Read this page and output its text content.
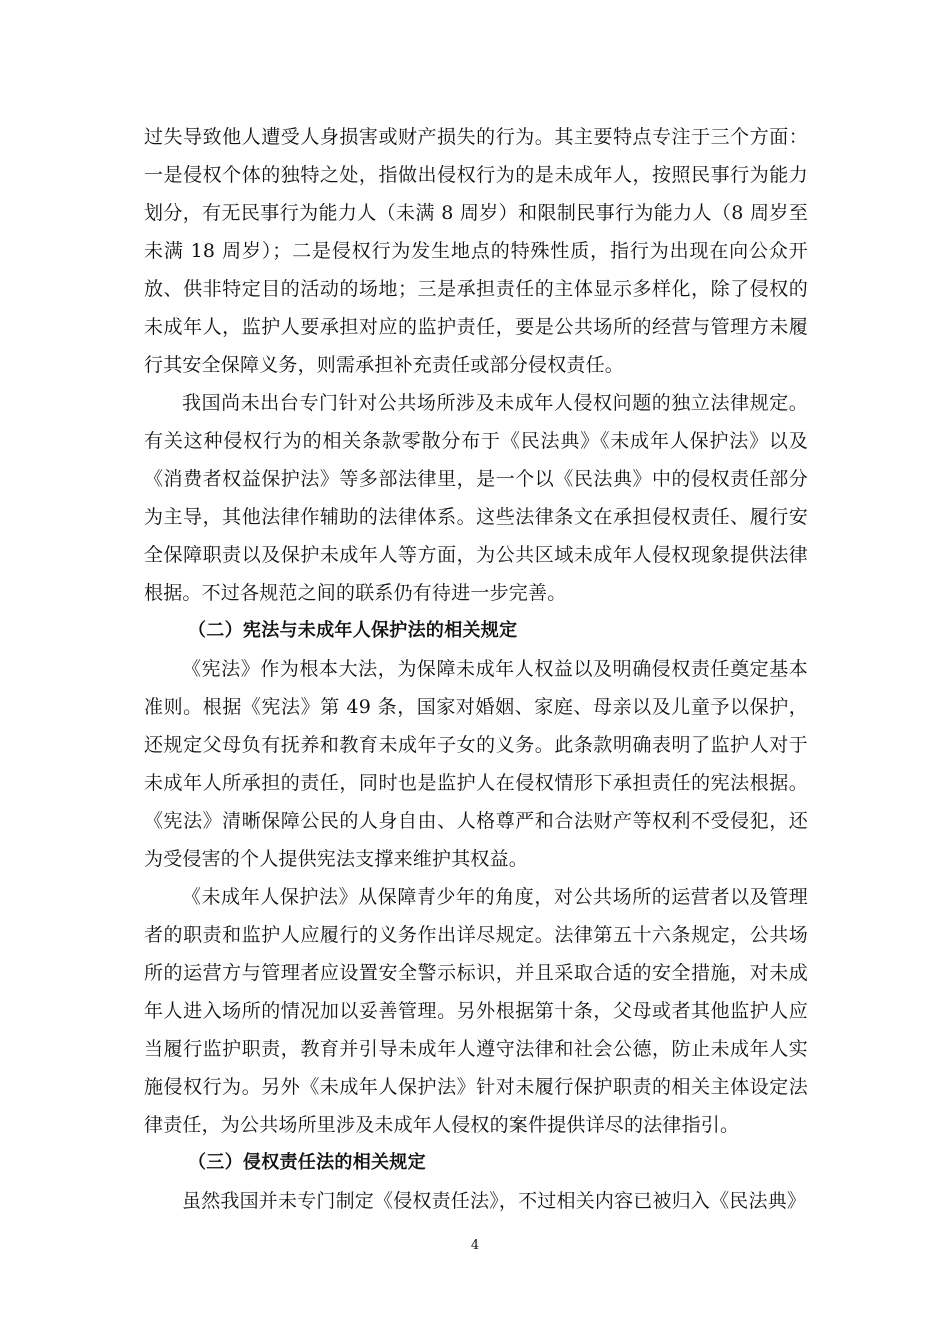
过失导致他人遭受人身损害或财产损失的行为。其主要特点专注于三个方面：一是侵权个体的独特之处，指做出侵权行为的是未成年人，按照民事行为能力划分，有无民事行为能力人（未满 8 周岁）和限制民事行为能力人（8 周岁至未满 18 周岁）；二是侵权行为发生地点的特殊性质，指行为出现在向公众开放、供非特定目的活动的场地；三是承担责任的主体显示多样化，除了侵权的未成年人，监护人要承担对应的监护责任，要是公共场所的经营与管理方未履行其安全保障义务，则需承担补充责任或部分侵权责任。

我国尚未出台专门针对公共场所涉及未成年人侵权问题的独立法律规定。有关这种侵权行为的相关条款零散分布于《民法典》《未成年人保护法》以及《消费者权益保护法》等多部法律里，是一个以《民法典》中的侵权责任部分为主导，其他法律作辅助的法律体系。这些法律条文在承担侵权责任、履行安全保障职责以及保护未成年人等方面，为公共区域未成年人侵权现象提供法律根据。不过各规范之间的联系仍有待进一步完善。

（二）宪法与未成年人保护法的相关规定

《宪法》作为根本大法，为保障未成年人权益以及明确侵权责任奠定基本准则。根据《宪法》第 49 条，国家对婚姻、家庭、母亲以及儿童予以保护，还规定父母负有抚养和教育未成年子女的义务。此条款明确表明了监护人对于未成年人所承担的责任，同时也是监护人在侵权情形下承担责任的宪法根据。《宪法》清晰保障公民的人身自由、人格尊严和合法财产等权利不受侵犯，还为受侵害的个人提供宪法支撑来维护其权益。

《未成年人保护法》从保障青少年的角度，对公共场所的运营者以及管理者的职责和监护人应履行的义务作出详尽规定。法律第五十六条规定，公共场所的运营方与管理者应设置安全警示标识，并且采取合适的安全措施，对未成年人进入场所的情况加以妥善管理。另外根据第十条，父母或者其他监护人应当履行监护职责，教育并引导未成年人遵守法律和社会公德，防止未成年人实施侵权行为。另外《未成年人保护法》针对未履行保护职责的相关主体设定法律责任，为公共场所里涉及未成年人侵权的案件提供详尽的法律指引。

（三）侵权责任法的相关规定

虽然我国并未专门制定《侵权责任法》，不过相关内容已被归入《民法典》

4
